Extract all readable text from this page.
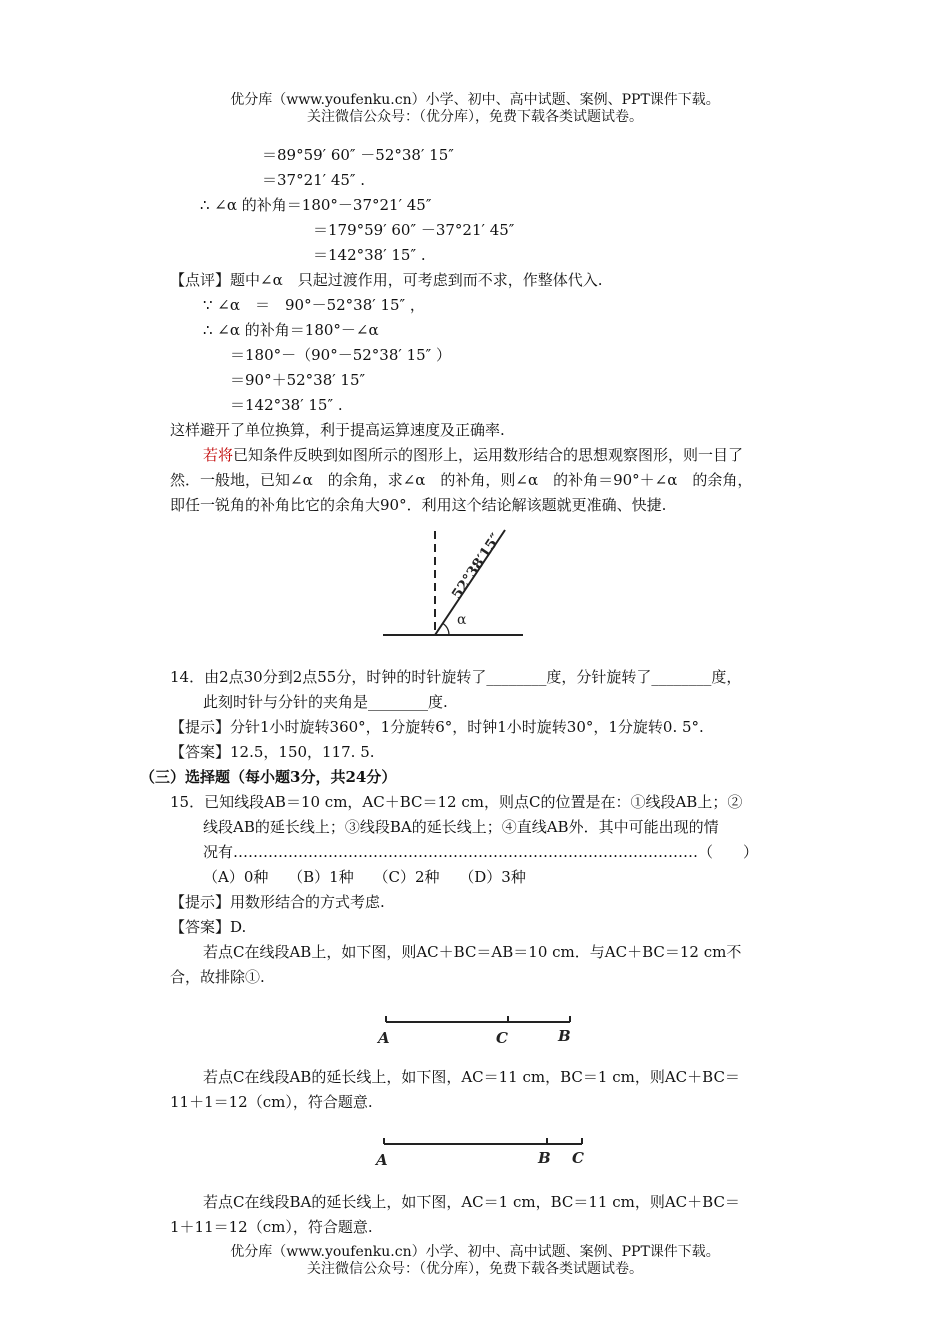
优分库（www.youfenku.cn）小学、初中、高中试题、案例、PPT课件下载。
关注微信公众号：（优分库），免费下载各类试题试卷。
＝89°59′ 60″ －52°38′ 15″
＝37°21′ 45″ .
∴ ∠α 的补角＝180°－37°21′ 45″
＝179°59′ 60″ －37°21′ 45″
＝142°38′ 15″ .
【点评】题中∠α　只起过渡作用，可考虑到而不求，作整体代入.
∵ ∠α　＝　90°－52°38′ 15″ ，
∴ ∠α 的补角＝180°－∠α
＝180°－（90°－52°38′ 15″ ）
＝90°＋52°38′ 15″
＝142°38′ 15″ .
这样避开了单位换算，利于提高运算速度及正确率.
若将已知条件反映到如图所示的图形上，运用数形结合的思想观察图形，则一目了
然．一般地，已知∠α　的余角，求∠α　的补角，则∠α　的补角＝90°＋∠α　的余角，
即任一锐角的补角比它的余角大90°．利用这个结论解该题就更准确、快捷.
52°38′15″
α
14．由2点30分到2点55分，时钟的时针旋转了________度，分针旋转了________度，
此刻时针与分针的夹角是________度.
【提示】分针1小时旋转360°，1分旋转6°，时钟1小时旋转30°，1分旋转0. 5°.
【答案】12.5，150，117. 5.
（三）选择题（每小题3分，共24分）
15．已知线段AB＝10 cm，AC＋BC＝12 cm，则点C的位置是在：①线段AB上；②
线段AB的延长线上；③线段BA的延长线上；④直线AB外．其中可能出现的情
况有…………………………………………………………………………………（　　）
（A）0种　 （B）1种　 （C）2种　 （D）3种
【提示】用数形结合的方式考虑.
【答案】D.
若点C在线段AB上，如下图，则AC＋BC＝AB＝10 cm．与AC＋BC＝12 cm不
合，故排除①.
A	C	B
若点C在线段AB的延长线上，如下图，AC＝11 cm，BC＝1 cm，则AC＋BC＝
11＋1＝12（cm），符合题意.
A	B C
若点C在线段BA的延长线上，如下图，AC＝1 cm，BC＝11 cm，则AC＋BC＝
1＋11＝12（cm），符合题意.
优分库（www.youfenku.cn）小学、初中、高中试题、案例、PPT课件下载。
关注微信公众号：（优分库），免费下载各类试题试卷。
